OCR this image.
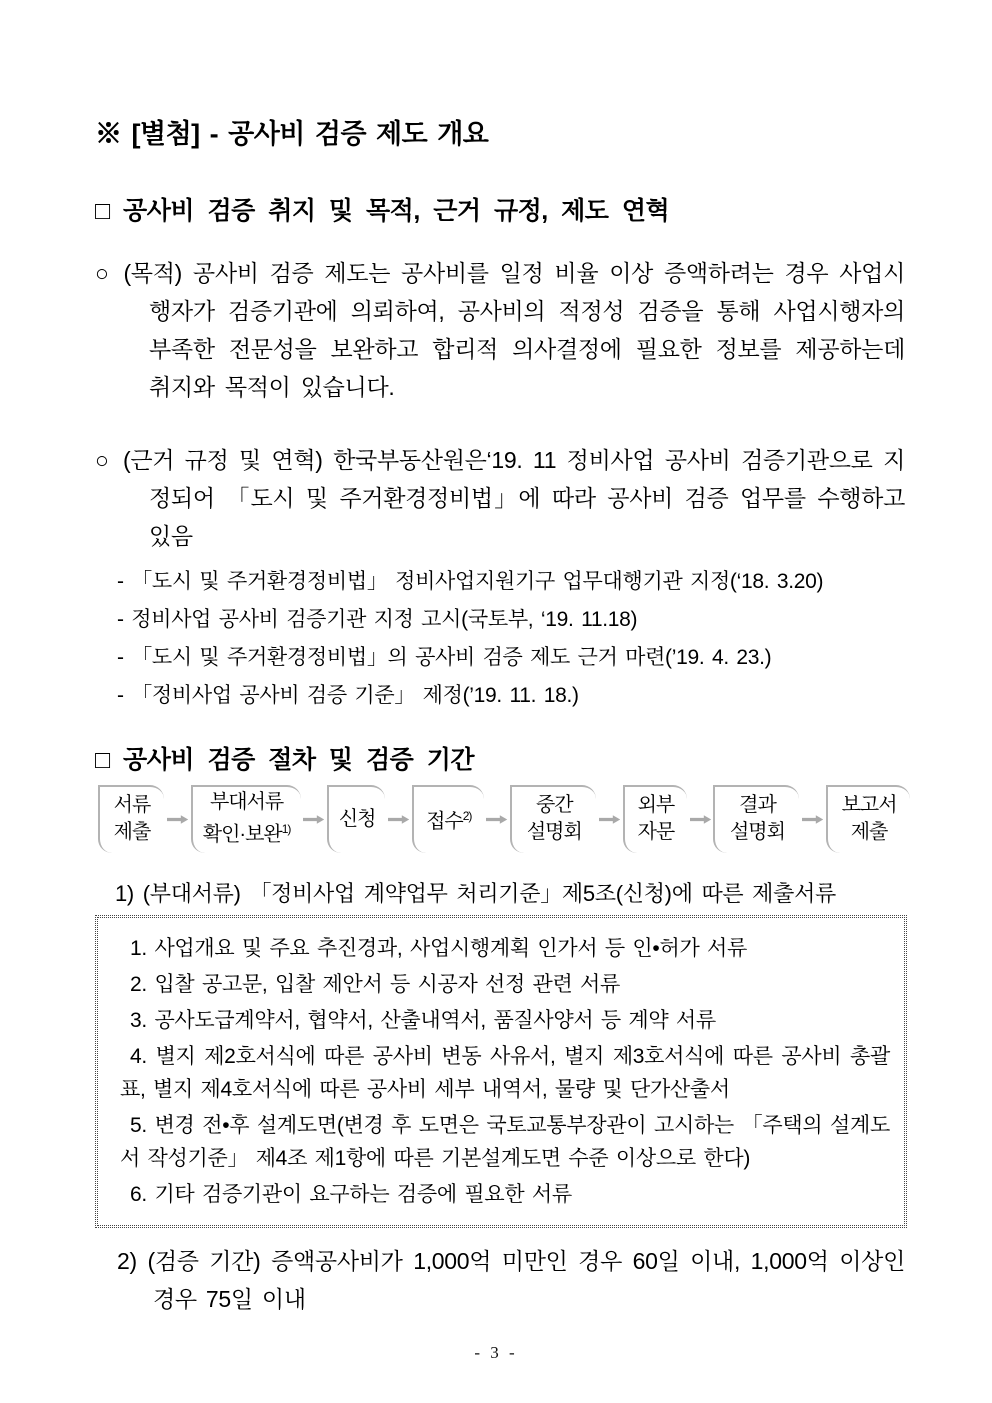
※ [별첨] - 공사비 검증 제도 개요
□ 공사비 검증 취지 및 목적, 근거 규정, 제도 연혁
○ (목적) 공사비 검증 제도는 공사비를 일정 비율 이상 증액하려는 경우 사업시행자가 검증기관에 의뢰하여, 공사비의 적정성 검증을 통해 사업시행자의 부족한 전문성을 보완하고 합리적 의사결정에 필요한 정보를 제공하는데 취지와 목적이 있습니다.
○ (근거 규정 및 연혁) 한국부동산원은‘19. 11 정비사업 공사비 검증기관으로 지정되어 「도시 및 주거환경정비법」에 따라 공사비 검증 업무를 수행하고 있음
- 「도시 및 주거환경정비법」 정비사업지원기구 업무대행기관 지정(‘18. 3.20)
- 정비사업 공사비 검증기관 지정 고시(국토부, ‘19. 11.18)
- 「도시 및 주거환경정비법」의 공사비 검증 제도 근거 마련(’19. 4. 23.)
- 「정비사업 공사비 검증 기준」 제정(’19. 11. 18.)
□ 공사비 검증 절차 및 검증 기간
서류
제출
부대서류
확인·보완$^{1)}$	신청	접수$^{2)}$	중간
설명회
외부
자문
결과
설명회
보고서
제출
1) (부대서류) 「정비사업 계약업무 처리기준」제5조(신청)에 따른 제출서류
1. 사업개요 및 주요 추진경과, 사업시행계획 인가서 등 인•허가 서류
2. 입찰 공고문, 입찰 제안서 등 시공자 선정 관련 서류
3. 공사도급계약서, 협약서, 산출내역서, 품질사양서 등 계약 서류
4. 별지 제2호서식에 따른 공사비 변동 사유서, 별지 제3호서식에 따른 공사비 총괄표, 별지 제4호서식에 따른 공사비 세부 내역서, 물량 및 단가산출서
5. 변경 전•후 설계도면(변경 후 도면은 국토교통부장관이 고시하는 「주택의 설계도서 작성기준」 제4조 제1항에 따른 기본설계도면 수준 이상으로 한다)
6. 기타 검증기관이 요구하는 검증에 필요한 서류
2) (검증 기간) 증액공사비가 1,000억 미만인 경우 60일 이내, 1,000억 이상인 경우 75일 이내
- 3 -
